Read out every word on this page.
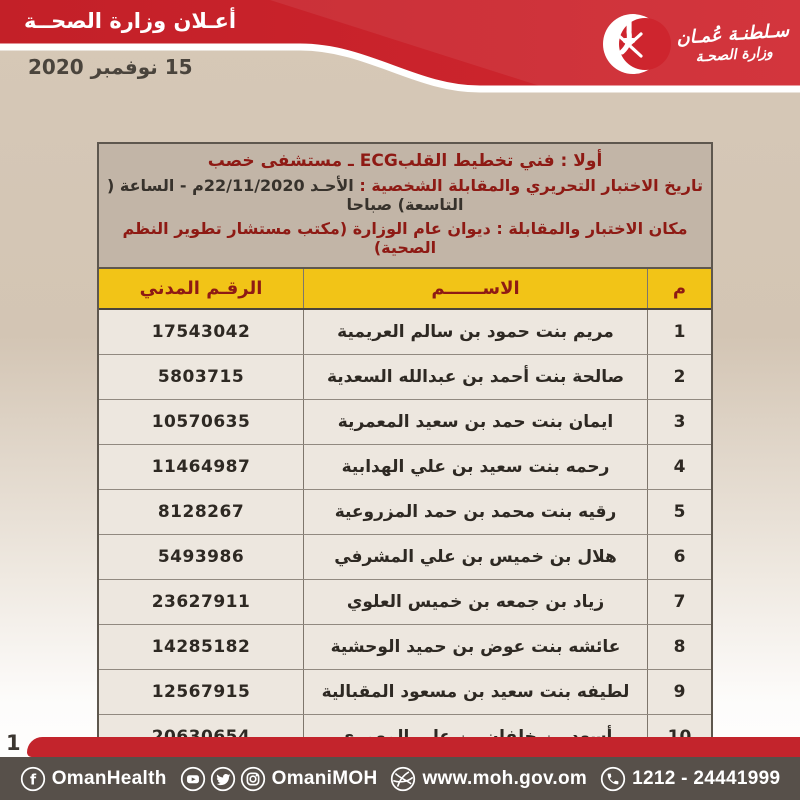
أعـلان وزارة الصحــة
15 نوفمبر 2020
سـلطنـة عُمـان
وزارة الصحـة
أولا : فني تخطيط القلبECG ـ مستشفى خصب
تاريخ الاختبار التحريري والمقابلة الشخصية : الأحـد 22/11/2020م - الساعة ( التاسعة) صباحا
مكان الاختبار والمقابلة : ديوان عام الوزارة (مكتب مستشار تطوير النظم الصحية)
م
الاســــــم
الرقـم المدني
1
مريم بنت حمود بن سالم العريمية
17543042
2
صالحة بنت أحمد بن عبدالله السعدية
5803715
3
ايمان بنت حمد بن سعيد المعمرية
10570635
4
رحمه بنت سعيد بن علي الهدابية
11464987
5
رقيه بنت محمد بن حمد المزروعية
8128267
6
هلال بن خميس بن علي المشرفي
5493986
7
زياد بن جمعه بن خميس العلوي
23627911
8
عائشه بنت عوض بن حميد الوحشية
14285182
9
لطيفه بنت سعيد بن مسعود المقبالية
12567915
1
f OmanHealth	OmaniMOH www.moh.gov.om 1212 - 24441999
